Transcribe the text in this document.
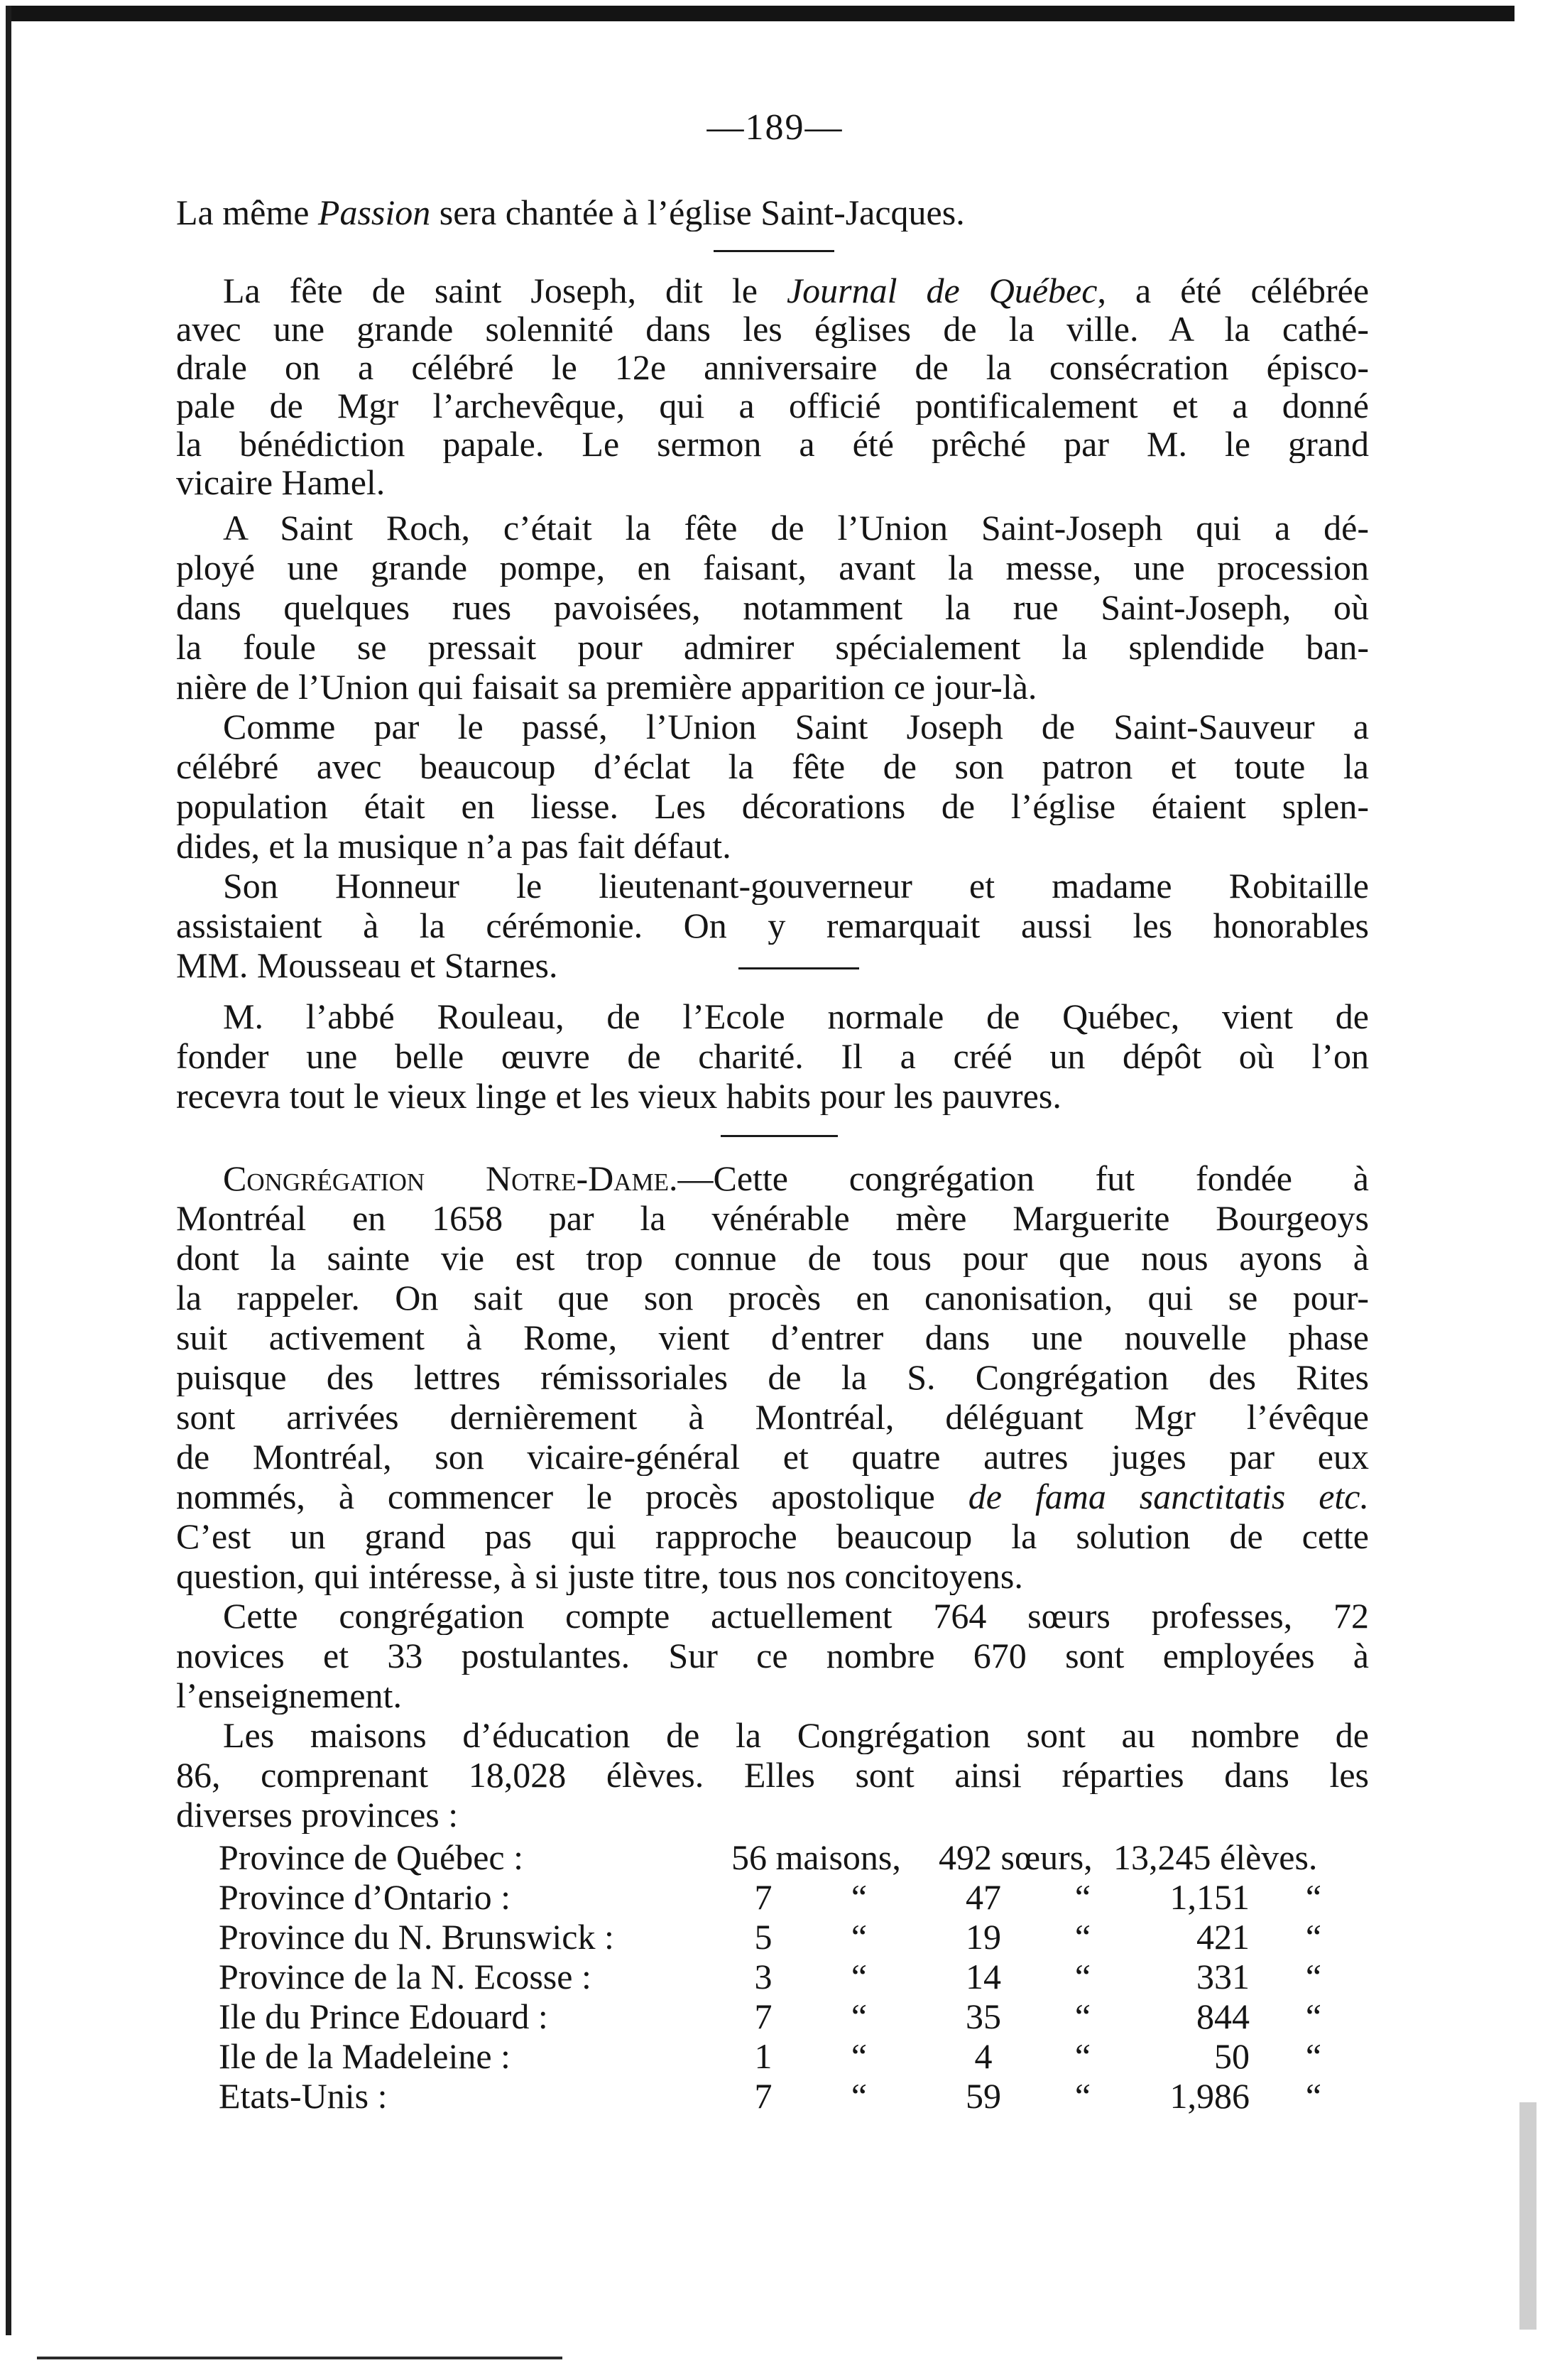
—189—
La même Passion sera chantée à l’église Saint-Jacques.
La fête de saint Joseph, dit le Journal de Québec, a été célébrée
avec une grande solennité dans les églises de la ville. A la cathé-
drale on a célébré le 12e anniversaire de la consécration épisco-
pale de Mgr l’archevêque, qui a officié pontificalement et a donné
la bénédiction papale. Le sermon a été prêché par M. le grand
vicaire Hamel.
A Saint Roch, c’était la fête de l’Union Saint-Joseph qui a dé-
ployé une grande pompe, en faisant, avant la messe, une procession
dans quelques rues pavoisées, notamment la rue Saint-Joseph, où
la foule se pressait pour admirer spécialement la splendide ban-
nière de l’Union qui faisait sa première apparition ce jour-là.
Comme par le passé, l’Union Saint Joseph de Saint-Sauveur a
célébré avec beaucoup d’éclat la fête de son patron et toute la
population était en liesse. Les décorations de l’église étaient splen-
dides, et la musique n’a pas fait défaut.
Son Honneur le lieutenant-gouverneur et madame Robitaille
assistaient à la cérémonie. On y remarquait aussi les honorables
MM. Mousseau et Starnes.
M. l’abbé Rouleau, de l’Ecole normale de Québec, vient de
fonder une belle œuvre de charité. Il a créé un dépôt où l’on
recevra tout le vieux linge et les vieux habits pour les pauvres.
Congrégation Notre-Dame.—Cette congrégation fut fondée à
Montréal en 1658 par la vénérable mère Marguerite Bourgeoys
dont la sainte vie est trop connue de tous pour que nous ayons à
la rappeler. On sait que son procès en canonisation, qui se pour-
suit activement à Rome, vient d’entrer dans une nouvelle phase
puisque des lettres rémissoriales de la S. Congrégation des Rites
sont arrivées dernièrement à Montréal, déléguant Mgr l’évêque
de Montréal, son vicaire-général et quatre autres juges par eux
nommés, à commencer le procès apostolique de fama sanctitatis etc.
C’est un grand pas qui rapproche beaucoup la solution de cette
question, qui intéresse, à si juste titre, tous nos concitoyens.
Cette congrégation compte actuellement 764 sœurs professes, 72
novices et 33 postulantes. Sur ce nombre 670 sont employées à
l’enseignement.
Les maisons d’éducation de la Congrégation sont au nombre de
86, comprenant 18,028 élèves. Elles sont ainsi réparties dans les
diverses provinces :
Province de Québec :	56 maisons, 492 sœurs, 13,245 élèves.
Province d’Ontario :	7	“	47	“	1,151	“
Province du N. Brunswick :	5	“	19	“	421	“
Province de la N. Ecosse :	3	“	14	“	331	“
Ile du Prince Edouard :	7	“	35	“	844	“
Ile de la Madeleine :	1	“	4	“	50	“
Etats-Unis :	7	“	59	“	1,986	“
